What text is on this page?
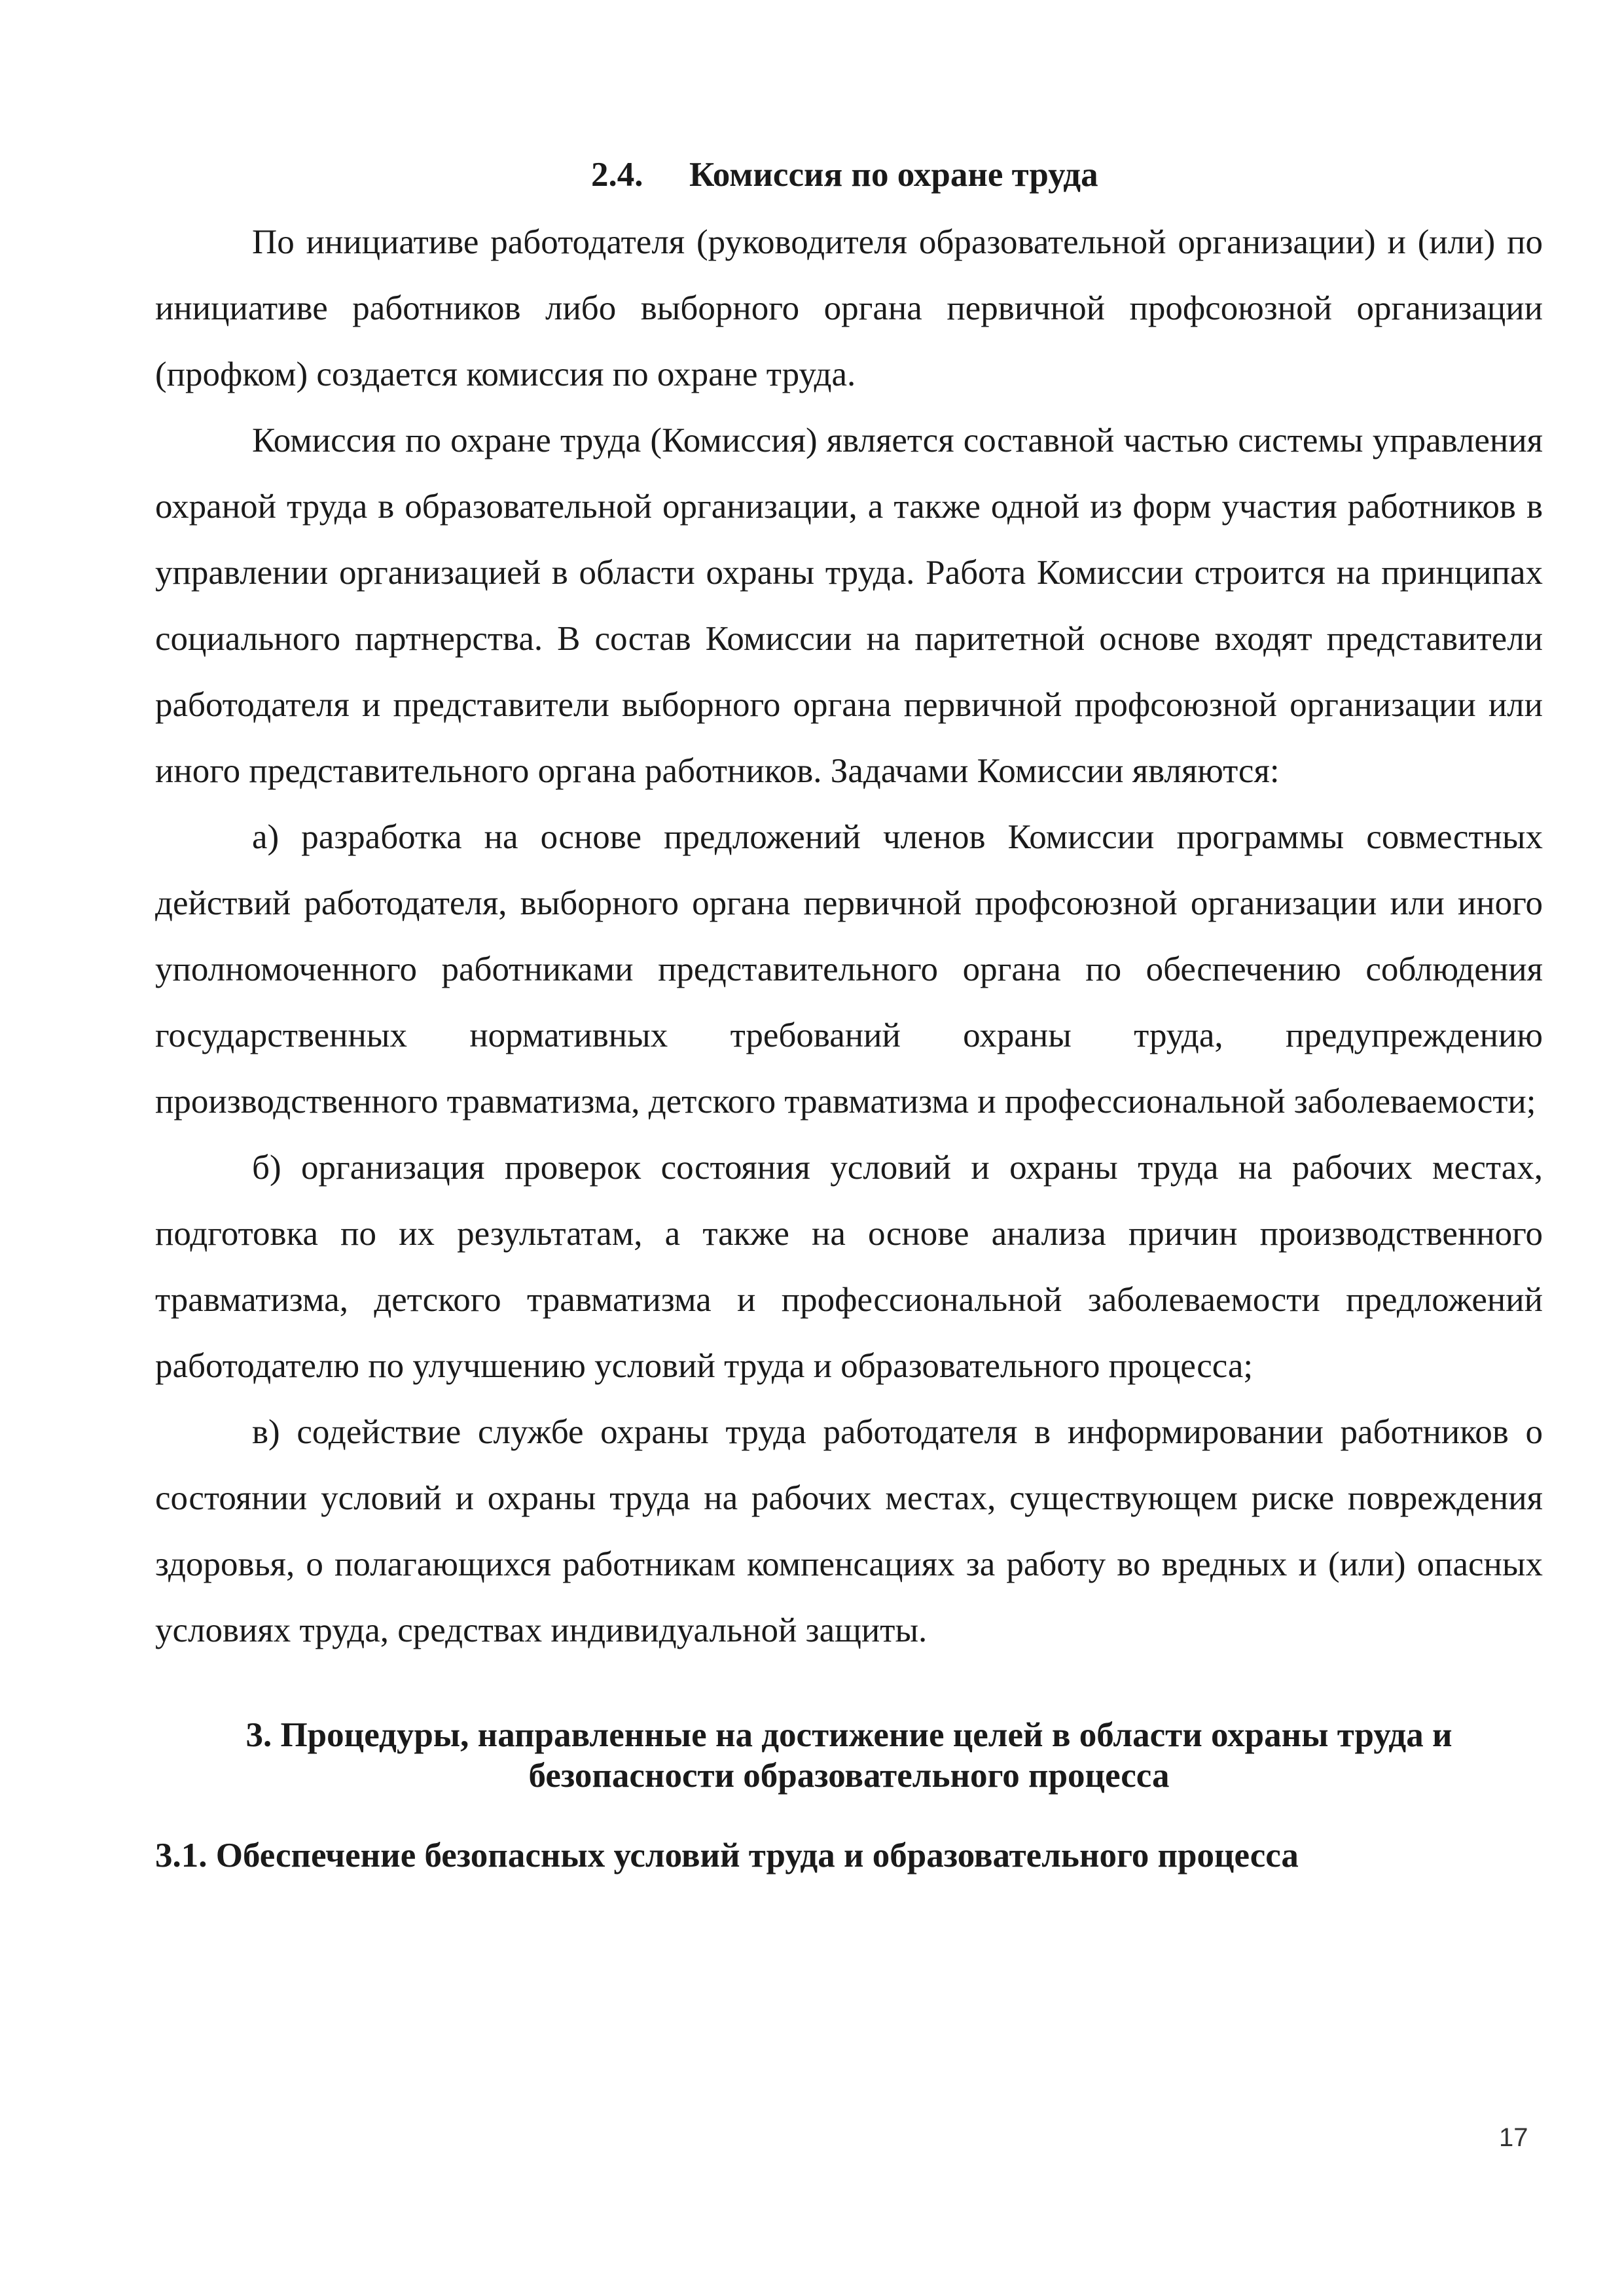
2.4. Комиссия по охране труда

По инициативе работодателя (руководителя образовательной организации) и (или) по инициативе работников либо выборного органа первичной профсоюзной организации (профком) создается комиссия по охране труда.

Комиссия по охране труда (Комиссия) является составной частью системы управления охраной труда в образовательной организации, а также одной из форм участия работников в управлении организацией в области охраны труда. Работа Комиссии строится на принципах социального партнерства. В состав Комиссии на паритетной основе входят представители работодателя и представители выборного органа первичной профсоюзной организации или иного представительного органа работников. Задачами Комиссии являются:

а) разработка на основе предложений членов Комиссии программы совместных действий работодателя, выборного органа первичной профсоюзной организации или иного уполномоченного работниками представительного органа по обеспечению соблюдения государственных нормативных требований охраны труда, предупреждению производственного травматизма, детского травматизма и профессиональной заболеваемости;

б) организация проверок состояния условий и охраны труда на рабочих местах, подготовка по их результатам, а также на основе анализа причин производственного травматизма, детского травматизма и профессиональной заболеваемости предложений работодателю по улучшению условий труда и образовательного процесса;

в) содействие службе охраны труда работодателя в информировании работников о состоянии условий и охраны труда на рабочих местах, существующем риске повреждения здоровья, о полагающихся работникам компенсациях за работу во вредных и (или) опасных условиях труда, средствах индивидуальной защиты.

3. Процедуры, направленные на достижение целей в области охраны труда и
безопасности образовательного процесса
3.1. Обеспечение безопасных условий труда и образовательного процесса
17
